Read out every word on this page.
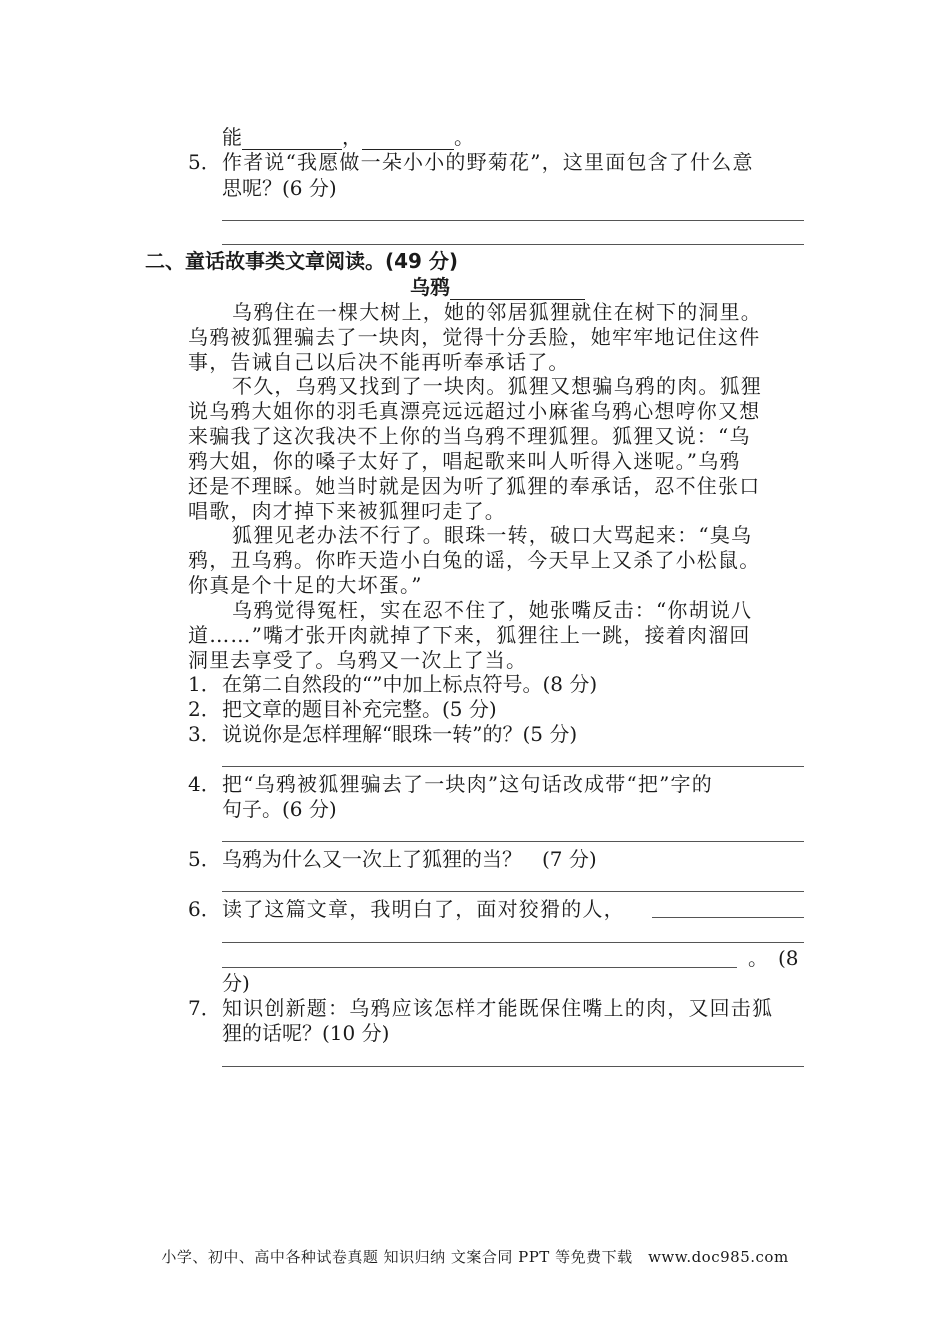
能	，	。
5． 作者说“我愿做一朵小小的野菊花”，这里面包含了什么意
思呢？(6 分)
二、童话故事类文章阅读。(49 分)
乌鸦
乌鸦住在一棵大树上，她的邻居狐狸就住在树下的洞里。
乌鸦被狐狸骗去了一块肉，觉得十分丢脸，她牢牢地记住这件
事，告诫自己以后决不能再听奉承话了。
不久，乌鸦又找到了一块肉。狐狸又想骗乌鸦的肉。狐狸
说乌鸦大姐你的羽毛真漂亮远远超过小麻雀乌鸦心想哼你又想
来骗我了这次我决不上你的当乌鸦不理狐狸。狐狸又说：“乌
鸦大姐，你的嗓子太好了，唱起歌来叫人听得入迷呢。”乌鸦
还是不理睬。她当时就是因为听了狐狸的奉承话，忍不住张口
唱歌，肉才掉下来被狐狸叼走了。
狐狸见老办法不行了。眼珠一转，破口大骂起来：“臭乌
鸦，丑乌鸦。你昨天造小白兔的谣，今天早上又杀了小松鼠。
你真是个十足的大坏蛋。”
乌鸦觉得冤枉，实在忍不住了，她张嘴反击：“你胡说八
道……”嘴才张开肉就掉了下来，狐狸往上一跳，接着肉溜回
洞里去享受了。乌鸦又一次上了当。
1． 在第二自然段的“”中加上标点符号。(8 分)
2． 把文章的题目补充完整。(5 分)
3． 说说你是怎样理解“眼珠一转”的？(5 分)
4． 把“乌鸦被狐狸骗去了一块肉”这句话改成带“把”字的
句子。(6 分)
5． 乌鸦为什么又一次上了狐狸的当？　(7 分)
6． 读了这篇文章，我明白了，面对狡猾的人，
。　(8
分)
7． 知识创新题：乌鸦应该怎样才能既保住嘴上的肉，又回击狐
狸的话呢？(10 分)
小学、初中、高中各种试卷真题 知识归纳 文案合同 PPT 等免费下载　www.doc985.com
